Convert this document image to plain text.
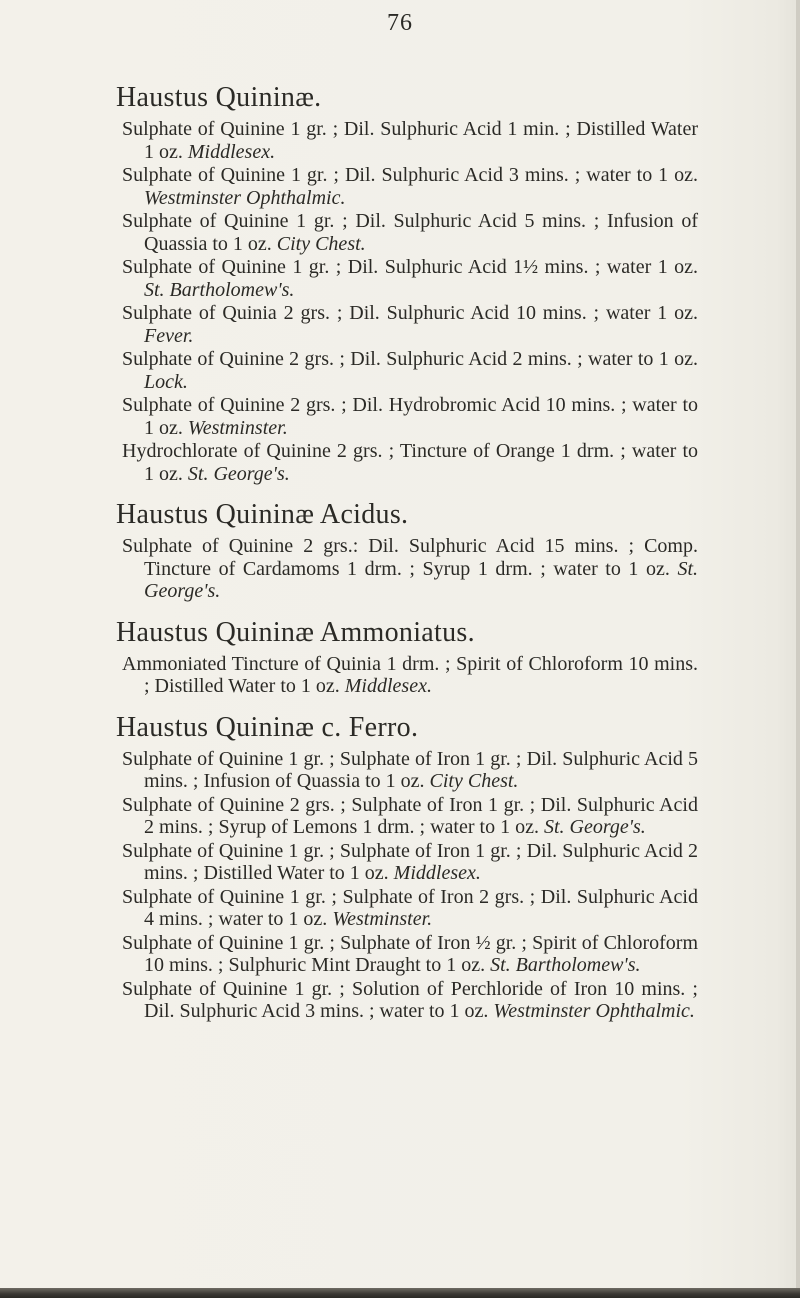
76
Haustus Quininæ.
Sulphate of Quinine 1 gr. ; Dil. Sulphuric Acid 1 min. ; Distilled Water 1 oz. Middlesex.
Sulphate of Quinine 1 gr. ; Dil. Sulphuric Acid 3 mins. ; water to 1 oz. Westminster Ophthalmic.
Sulphate of Quinine 1 gr. ; Dil. Sulphuric Acid 5 mins. ; Infusion of Quassia to 1 oz. City Chest.
Sulphate of Quinine 1 gr. ; Dil. Sulphuric Acid 1½ mins. ; water 1 oz. St. Bartholomew's.
Sulphate of Quinia 2 grs. ; Dil. Sulphuric Acid 10 mins. ; water 1 oz. Fever.
Sulphate of Quinine 2 grs. ; Dil. Sulphuric Acid 2 mins. ; water to 1 oz. Lock.
Sulphate of Quinine 2 grs. ; Dil. Hydrobromic Acid 10 mins. ; water to 1 oz. Westminster.
Hydrochlorate of Quinine 2 grs. ; Tincture of Orange 1 drm. ; water to 1 oz. St. George's.
Haustus Quininæ Acidus.
Sulphate of Quinine 2 grs.: Dil. Sulphuric Acid 15 mins. ; Comp. Tincture of Cardamoms 1 drm. ; Syrup 1 drm. ; water to 1 oz. St. George's.
Haustus Quininæ Ammoniatus.
Ammoniated Tincture of Quinia 1 drm. ; Spirit of Chloroform 10 mins. ; Distilled Water to 1 oz. Middlesex.
Haustus Quininæ c. Ferro.
Sulphate of Quinine 1 gr. ; Sulphate of Iron 1 gr. ; Dil. Sulphuric Acid 5 mins. ; Infusion of Quassia to 1 oz. City Chest.
Sulphate of Quinine 2 grs. ; Sulphate of Iron 1 gr. ; Dil. Sulphuric Acid 2 mins. ; Syrup of Lemons 1 drm. ; water to 1 oz. St. George's.
Sulphate of Quinine 1 gr. ; Sulphate of Iron 1 gr. ; Dil. Sulphuric Acid 2 mins. ; Distilled Water to 1 oz. Middlesex.
Sulphate of Quinine 1 gr. ; Sulphate of Iron 2 grs. ; Dil. Sulphuric Acid 4 mins. ; water to 1 oz. Westminster.
Sulphate of Quinine 1 gr. ; Sulphate of Iron ½ gr. ; Spirit of Chloroform 10 mins. ; Sulphuric Mint Draught to 1 oz. St. Bartholomew's.
Sulphate of Quinine 1 gr. ; Solution of Perchloride of Iron 10 mins. ; Dil. Sulphuric Acid 3 mins. ; water to 1 oz. Westminster Ophthalmic.
